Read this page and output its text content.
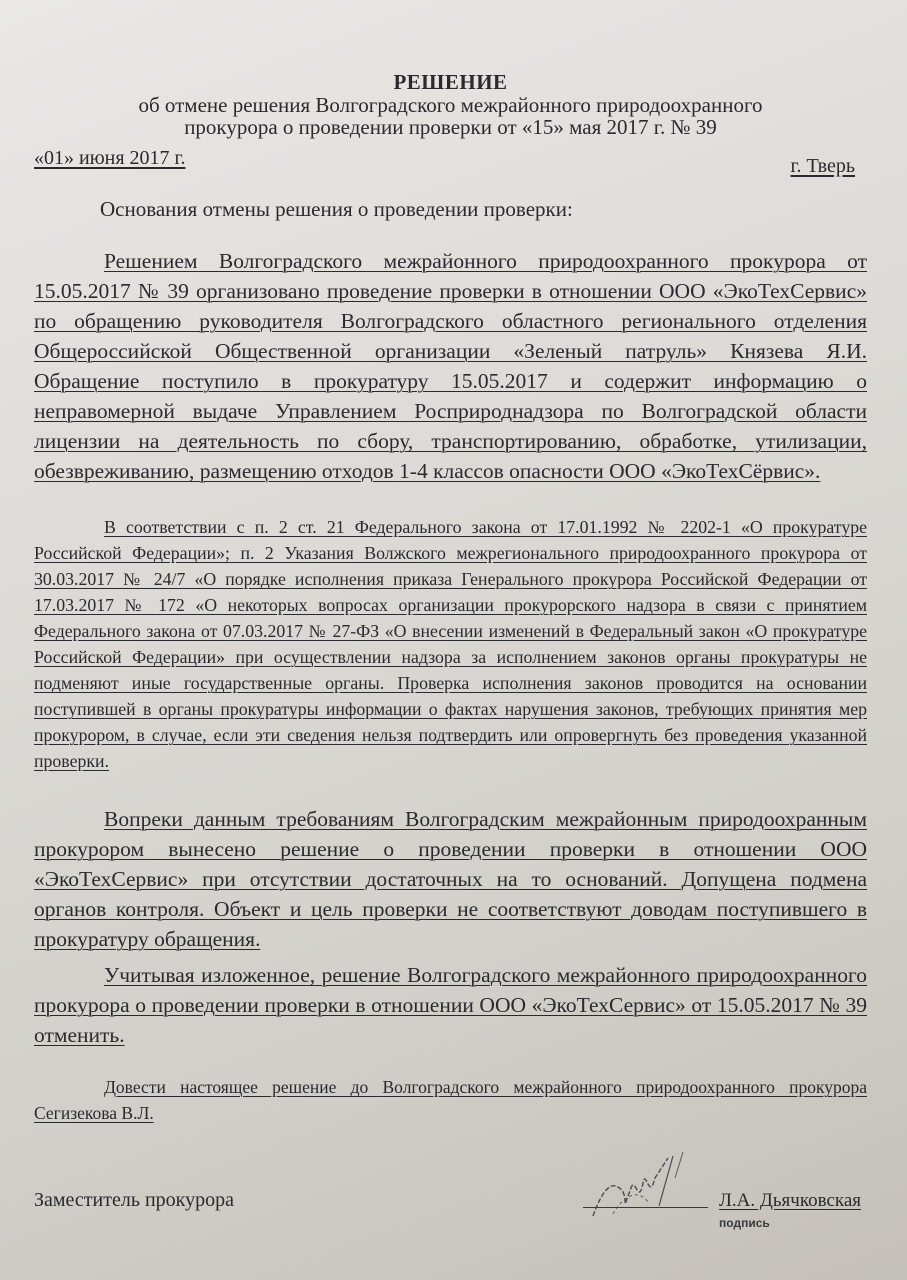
РЕШЕНИЕ
об отмене решения Волгоградского межрайонного природоохранного
прокурора о проведении проверки от «15» мая 2017 г. № 39
«01» июня 2017 г.	г. Тверь
Основания отмены решения о проведении проверки:

Решением Волгоградского межрайонного природоохранного прокурора от 15.05.2017 № 39 организовано проведение проверки в отношении ООО «ЭкоТехСервис» по обращению руководителя Волгоградского областного регионального отделения Общероссийской Общественной организации «Зеленый патруль» Князева Я.И. Обращение поступило в прокуратуру 15.05.2017 и содержит информацию о неправомерной выдаче Управлением Росприроднадзора по Волгоградской области лицензии на деятельность по сбору, транспортированию, обработке, утилизации, обезвреживанию, размещению отходов 1-4 классов опасности ООО «ЭкоТехСёрвис».

В соответствии с п. 2 ст. 21 Федерального закона от 17.01.1992 № 2202-1 «О прокуратуре Российской Федерации»; п. 2 Указания Волжского межрегионального природоохранного прокурора от 30.03.2017 № 24/7 «О порядке исполнения приказа Генерального прокурора Российской Федерации от 17.03.2017 № 172 «О некоторых вопросах организации прокурорского надзора в связи с принятием Федерального закона от 07.03.2017 № 27-ФЗ «О внесении изменений в Федеральный закон «О прокуратуре Российской Федерации» при осуществлении надзора за исполнением законов органы прокуратуры не подменяют иные государственные органы. Проверка исполнения законов проводится на основании поступившей в органы прокуратуры информации о фактах нарушения законов, требующих принятия мер прокурором, в случае, если эти сведения нельзя подтвердить или опровергнуть без проведения указанной проверки.

Вопреки данным требованиям Волгоградским межрайонным природоохранным прокурором вынесено решение о проведении проверки в отношении ООО «ЭкоТехСервис» при отсутствии достаточных на то оснований. Допущена подмена органов контроля. Объект и цель проверки не соответствуют доводам поступившего в прокуратуру обращения.

Учитывая изложенное, решение Волгоградского межрайонного природоохранного прокурора о проведении проверки в отношении ООО «ЭкоТехСервис» от 15.05.2017 № 39 отменить.

Довести настоящее решение до Волгоградского межрайонного природоохранного прокурора Сегизекова В.Л.

Заместитель прокурора	Л.А. Дьячковская
подпись
